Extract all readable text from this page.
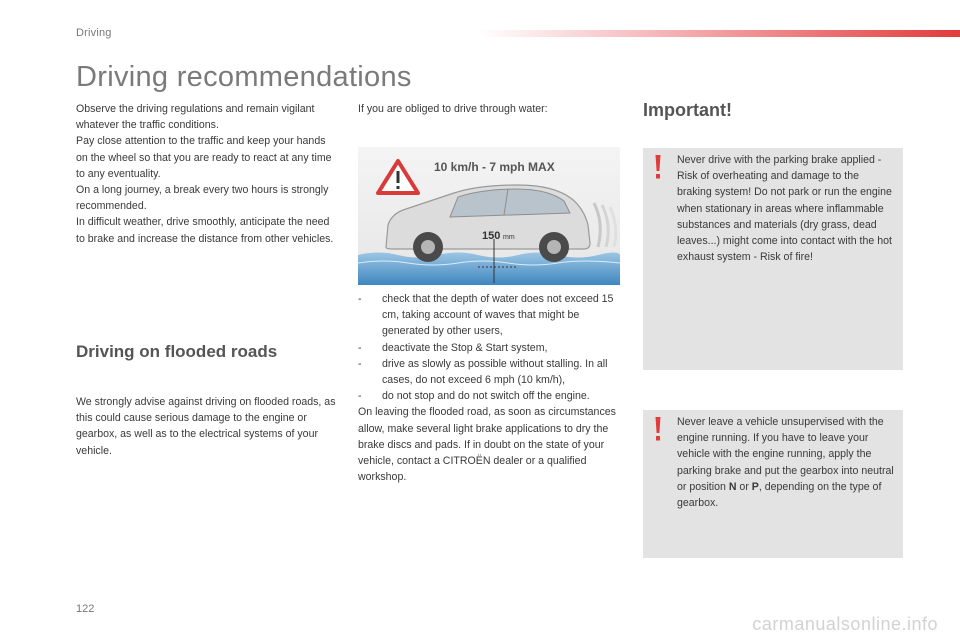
Driving
Driving recommendations

Observe the driving regulations and remain vigilant whatever the traffic conditions.

Pay close attention to the traffic and keep your hands on the wheel so that you are ready to react at any time to any eventuality.

On a long journey, a break every two hours is strongly recommended.

In difficult weather, drive smoothly, anticipate the need to brake and increase the distance from other vehicles.

Driving on flooded roads
We strongly advise against driving on flooded roads, as this could cause serious damage to the engine or gearbox, as well as to the electrical systems of your vehicle.
If you are obliged to drive through water:
150 mm
10 km/h - 7 mph MAX
- check that the depth of water does not exceed 15 cm, taking account of waves that might be generated by other users,
- deactivate the Stop & Start system,
- drive as slowly as possible without stalling. In all cases, do not exceed 6 mph (10 km/h),
- do not stop and do not switch off the engine.

On leaving the flooded road, as soon as circumstances allow, make several light brake applications to dry the brake discs and pads. If in doubt on the state of your vehicle, contact a CITROËN dealer or a qualified workshop.

Important!
Never drive with the parking brake applied - Risk of overheating and damage to the braking system! Do not park or run the engine when stationary in areas where inflammable substances and materials (dry grass, dead leaves...) might come into contact with the hot exhaust system - Risk of fire!
Never leave a vehicle unsupervised with the engine running. If you have to leave your vehicle with the engine running, apply the parking brake and put the gearbox into neutral or position N or P, depending on the type of gearbox.
122
carmanualsonline.info
